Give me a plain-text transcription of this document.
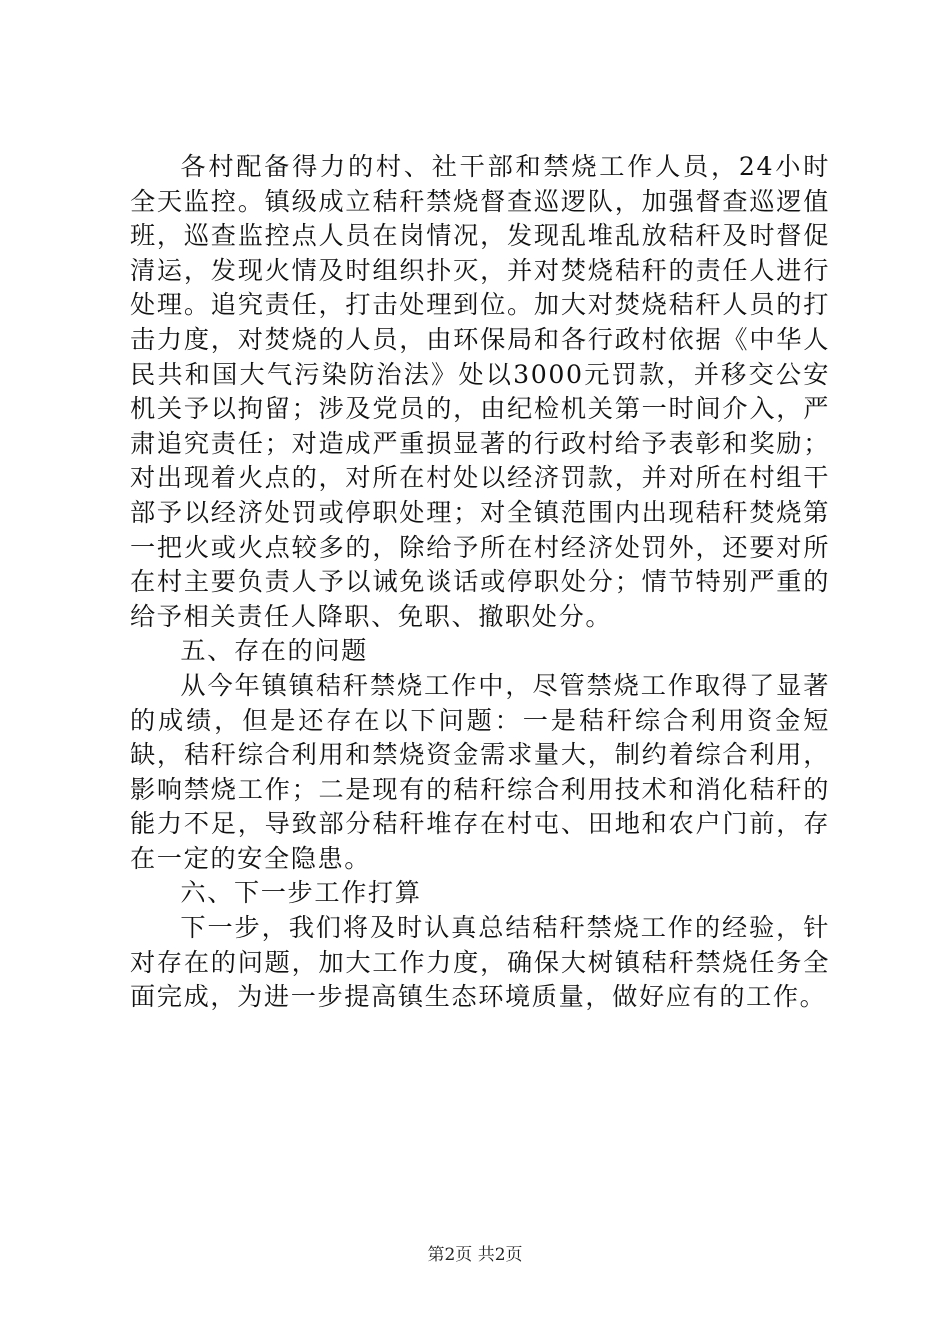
各村配备得力的村、社干部和禁烧工作人员，24小时全天监控。镇级成立秸秆禁烧督查巡逻队，加强督查巡逻值班，巡查监控点人员在岗情况，发现乱堆乱放秸秆及时督促清运，发现火情及时组织扑灭，并对焚烧秸秆的责任人进行处理。追究责任，打击处理到位。加大对焚烧秸秆人员的打击力度，对焚烧的人员，由环保局和各行政村依据《中华人民共和国大气污染防治法》处以3000元罚款，并移交公安机关予以拘留；涉及党员的，由纪检机关第一时间介入，严肃追究责任；对造成严重损显著的行政村给予表彰和奖励；对出现着火点的，对所在村处以经济罚款，并对所在村组干部予以经济处罚或停职处理；对全镇范围内出现秸秆焚烧第一把火或火点较多的，除给予所在村经济处罚外，还要对所在村主要负责人予以诫免谈话或停职处分；情节特别严重的给予相关责任人降职、免职、撤职处分。

五、存在的问题

从今年镇镇秸秆禁烧工作中，尽管禁烧工作取得了显著的成绩，但是还存在以下问题：一是秸秆综合利用资金短缺，秸秆综合利用和禁烧资金需求量大，制约着综合利用，影响禁烧工作；二是现有的秸秆综合利用技术和消化秸秆的能力不足，导致部分秸秆堆存在村屯、田地和农户门前，存在一定的安全隐患。

六、下一步工作打算

下一步，我们将及时认真总结秸秆禁烧工作的经验，针对存在的问题，加大工作力度，确保大树镇秸秆禁烧任务全面完成，为进一步提高镇生态环境质量，做好应有的工作。

第2页 共2页
